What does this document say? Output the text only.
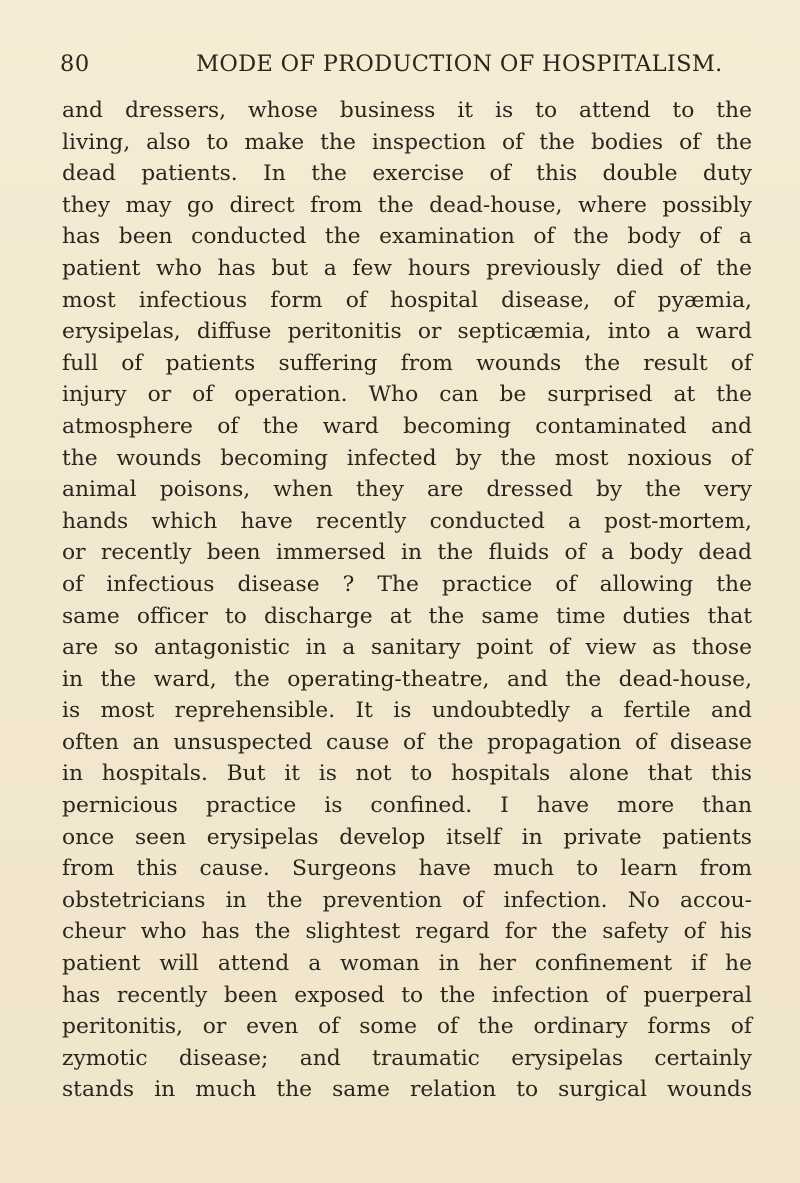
80	MODE OF PRODUCTION OF HOSPITALISM.
and dressers, whose business it is to attend to the
living, also to make the inspection of the bodies of the
dead patients. In the exercise of this double duty
they may go direct from the dead-house, where possibly
has been conducted the examination of the body of a
patient who has but a few hours previously died of the
most infectious form of hospital disease, of pyæmia,
erysipelas, diffuse peritonitis or septicæmia, into a ward
full of patients suffering from wounds the result of
injury or of operation. Who can be surprised at the
atmosphere of the ward becoming contaminated and
the wounds becoming infected by the most noxious of
animal poisons, when they are dressed by the very
hands which have recently conducted a post-mortem,
or recently been immersed in the fluids of a body dead
of infectious disease ? The practice of allowing the
same officer to discharge at the same time duties that
are so antagonistic in a sanitary point of view as those
in the ward, the operating-theatre, and the dead-house,
is most reprehensible. It is undoubtedly a fertile and
often an unsuspected cause of the propagation of disease
in hospitals. But it is not to hospitals alone that this
pernicious practice is confined. I have more than
once seen erysipelas develop itself in private patients
from this cause. Surgeons have much to learn from
obstetricians in the prevention of infection. No accou-
cheur who has the slightest regard for the safety of his
patient will attend a woman in her confinement if he
has recently been exposed to the infection of puerperal
peritonitis, or even of some of the ordinary forms of
zymotic disease; and traumatic erysipelas certainly
stands in much the same relation to surgical wounds
